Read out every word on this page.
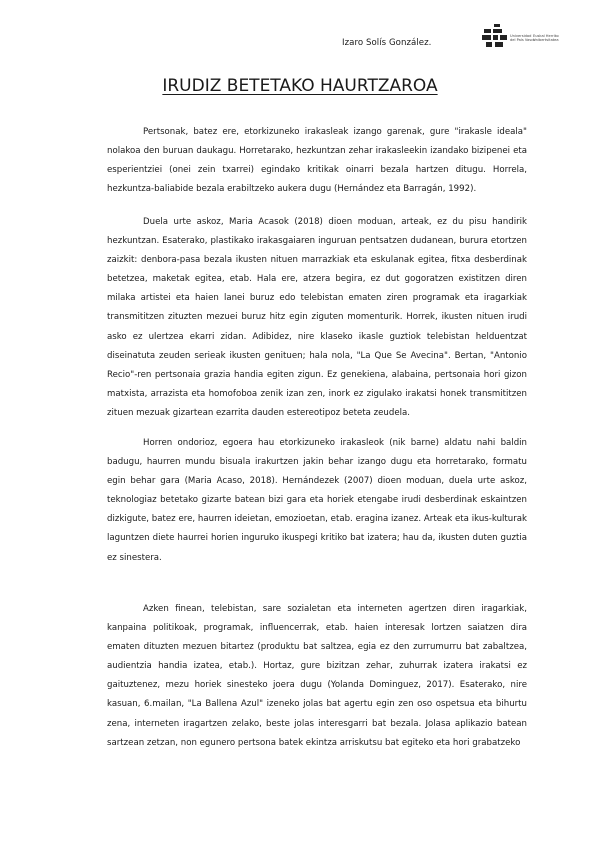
Izaro Solís González.
Universidad
del País Vasco
Euskal Herriko
Unibertsitatea
IRUDIZ BETETAKO HAURTZAROA

Pertsonak, batez ere, etorkizuneko irakasleak izango garenak, gure "irakasle ideala" nolakoa den buruan daukagu. Horretarako, hezkuntzan zehar irakasleekin izandako bizipenei eta esperientziei (onei zein txarrei) egindako kritikak oinarri bezala hartzen ditugu. Horrela, hezkuntza-baliabide bezala erabiltzeko aukera dugu (Hernández eta Barragán, 1992).

Duela urte askoz, Maria Acasok (2018) dioen moduan, arteak, ez du pisu handirik hezkuntzan. Esaterako, plastikako irakasgaiaren inguruan pentsatzen dudanean, burura etortzen zaizkit: denbora-pasa bezala ikusten nituen marrazkiak eta eskulanak egitea, fitxa desberdinak betetzea, maketak egitea, etab. Hala ere, atzera begira, ez dut gogoratzen existitzen diren milaka artistei eta haien lanei buruz edo telebistan ematen ziren programak eta iragarkiak transmititzen zituzten mezuei buruz hitz egin ziguten momenturik. Horrek, ikusten nituen irudi asko ez ulertzea ekarri zidan. Adibidez, nire klaseko ikasle guztiok telebistan helduentzat diseinatuta zeuden serieak ikusten genituen; hala nola, "La Que Se Avecina". Bertan, "Antonio Recio"-ren pertsonaia grazia handia egiten zigun. Ez genekiena, alabaina, pertsonaia hori gizon matxista, arrazista eta homofoboa zenik izan zen, inork ez zigulako irakatsi honek transmititzen zituen mezuak gizartean ezarrita dauden estereotipoz beteta zeudela.

Horren ondorioz, egoera hau etorkizuneko irakasleok (nik barne) aldatu nahi baldin badugu, haurren mundu bisuala irakurtzen jakin behar izango dugu eta horretarako, formatu egin behar gara (Maria Acaso, 2018). Hernándezek (2007) dioen moduan, duela urte askoz, teknologiaz betetako gizarte batean bizi gara eta horiek etengabe irudi desberdinak eskaintzen dizkigute, batez ere, haurren ideietan, emozioetan, etab. eragina izanez. Arteak eta ikus-kulturak laguntzen diete haurrei horien inguruko ikuspegi kritiko bat izatera; hau da, ikusten duten guztia ez sinestera.

Azken finean, telebistan, sare sozialetan eta interneten agertzen diren iragarkiak, kanpaina politikoak, programak, influencerrak, etab. haien interesak lortzen saiatzen dira ematen dituzten mezuen bitartez (produktu bat saltzea, egia ez den zurrumurru bat zabaltzea, audientzia handia izatea, etab.). Hortaz, gure bizitzan zehar, zuhurrak izatera irakatsi ez gaituztenez, mezu horiek sinesteko joera dugu (Yolanda Dominguez, 2017). Esaterako, nire kasuan, 6.mailan, "La Ballena Azul" izeneko jolas bat agertu egin zen oso ospetsua eta bihurtu zena, interneten iragartzen zelako, beste jolas interesgarri bat bezala. Jolasa aplikazio batean sartzean zetzan, non egunero pertsona batek ekintza arriskutsu bat egiteko eta hori grabatzeko
